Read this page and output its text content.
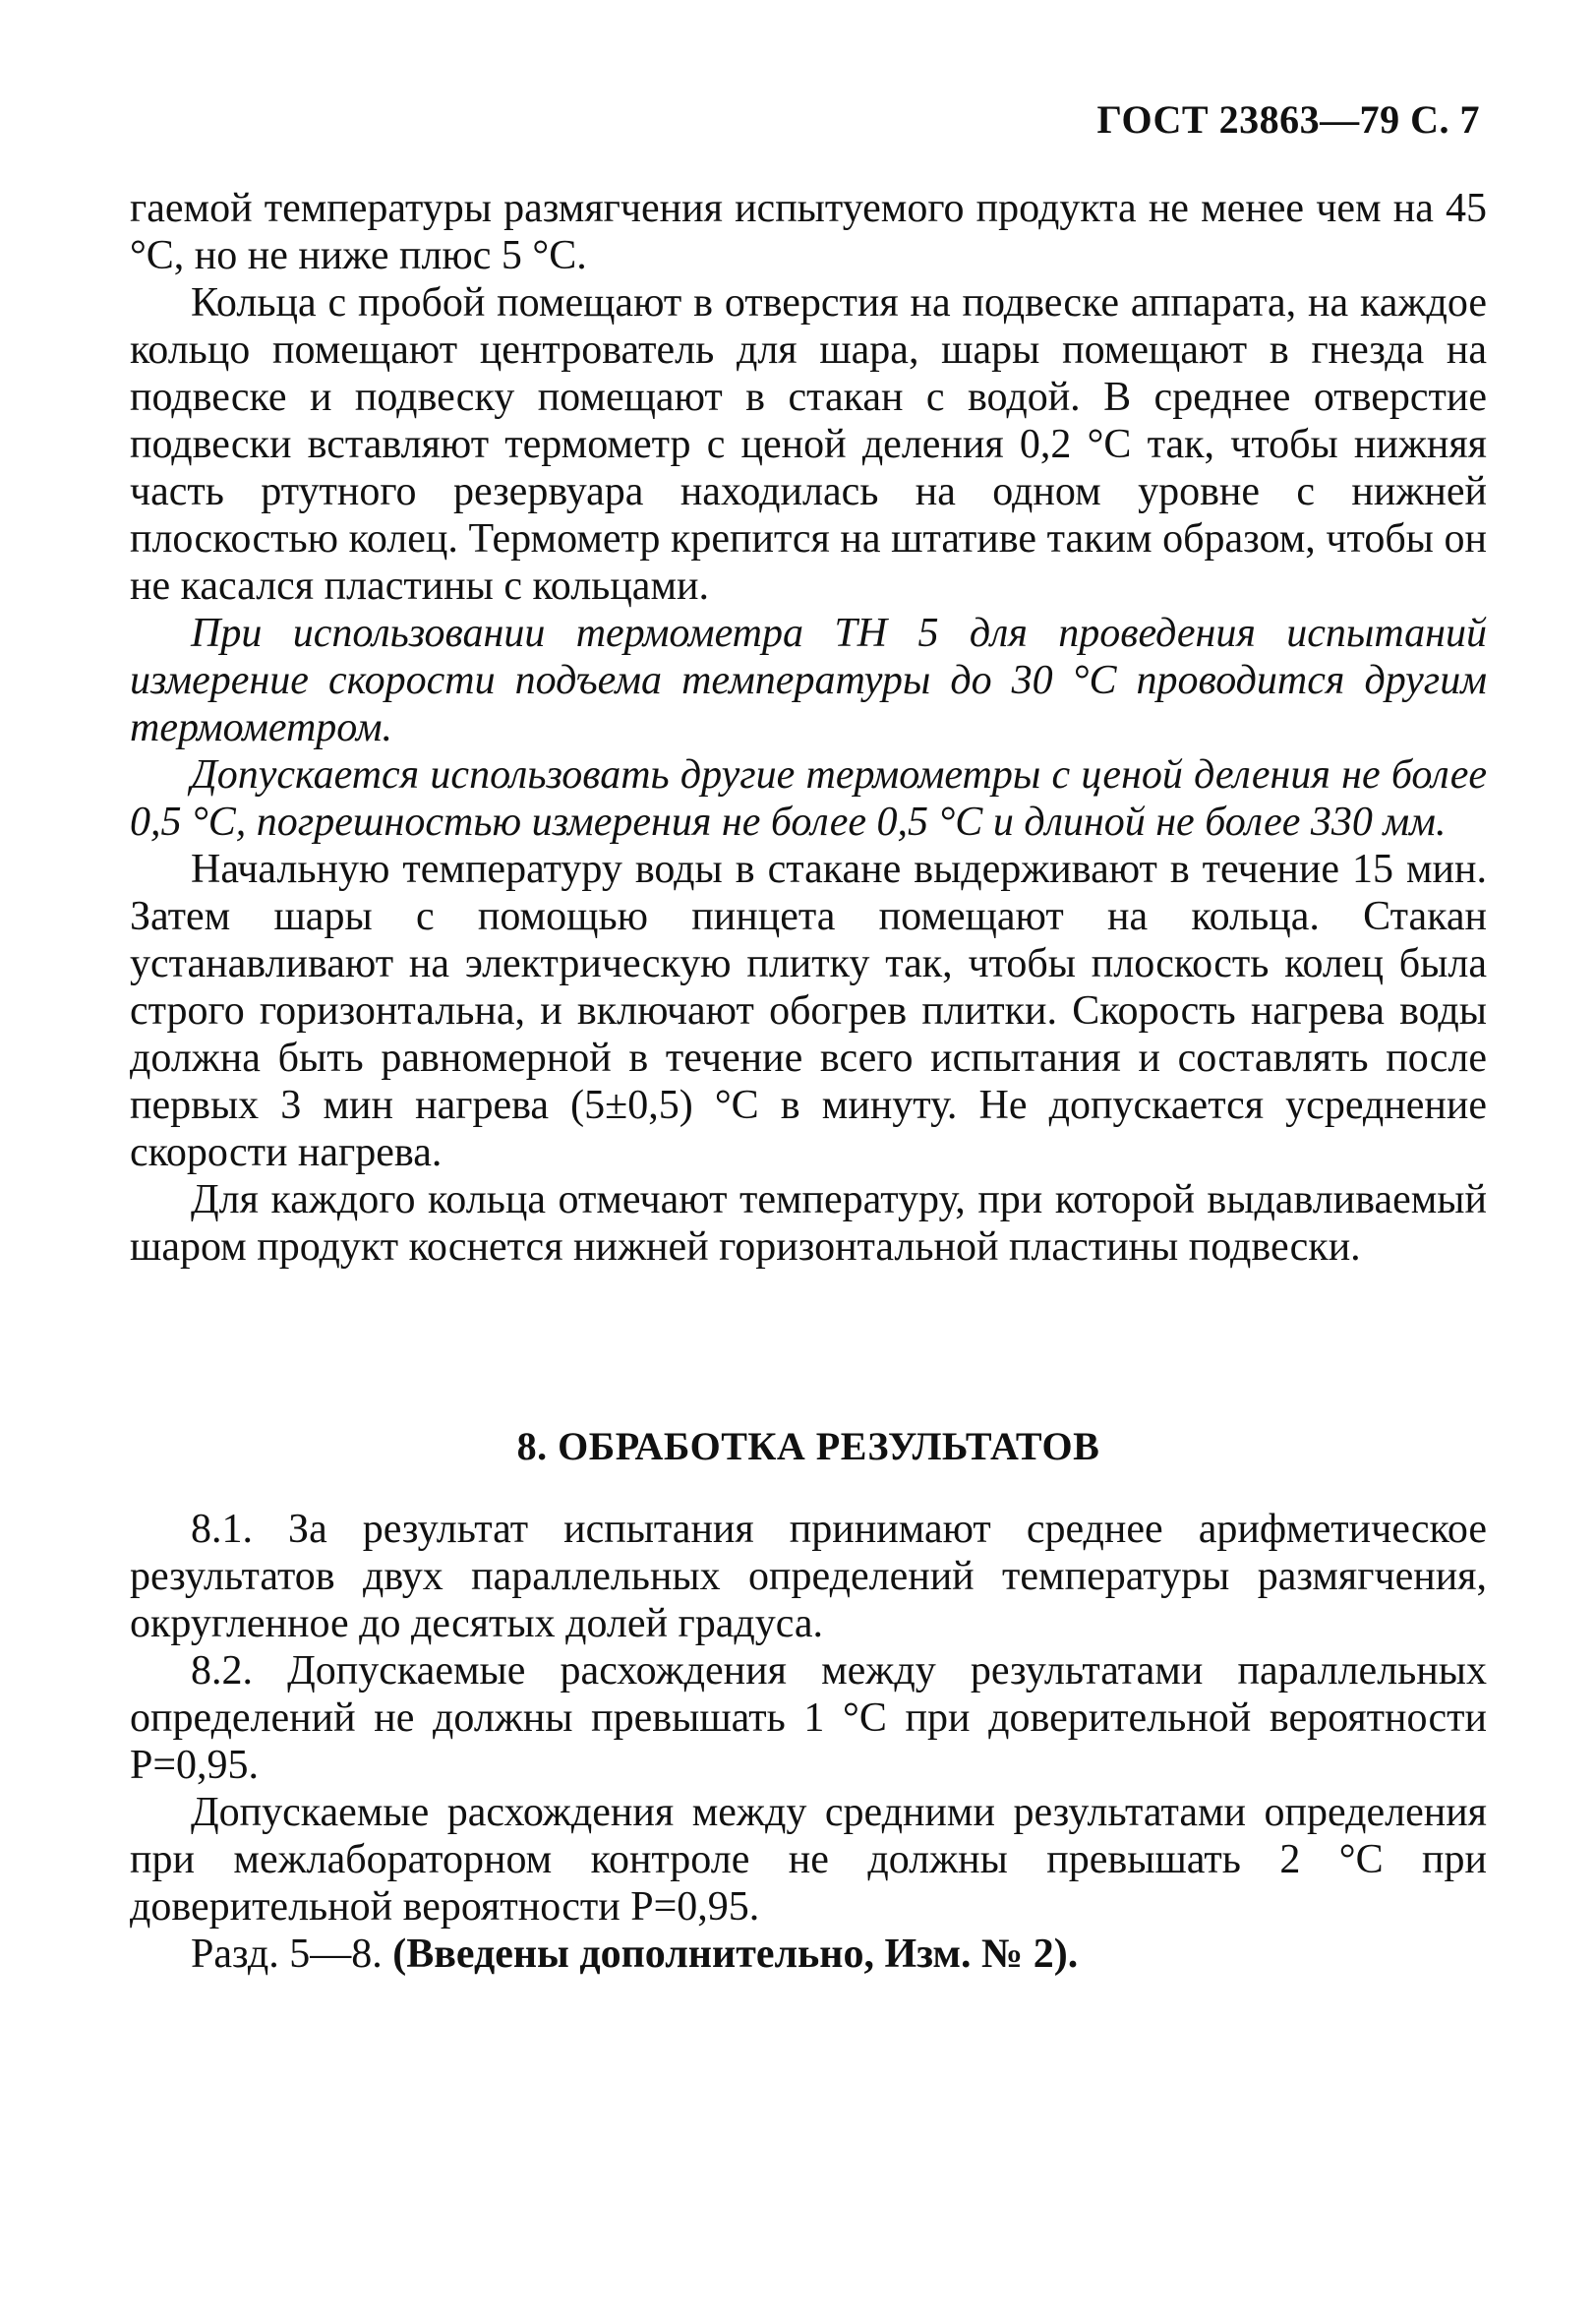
ГОСТ 23863—79 С. 7

гаемой температуры размягчения испытуемого продукта не менее чем на 45 °С, но не ниже плюс 5 °С.

Кольца с пробой помещают в отверстия на подвеске аппарата, на каждое кольцо помещают центрователь для шара, шары помещают в гнезда на подвеске и подвеску помещают в стакан с водой. В среднее отверстие подвески вставляют термометр с ценой деления 0,2 °С так, чтобы нижняя часть ртутного резервуара находилась на одном уровне с нижней плоскостью колец. Термометр крепится на штативе таким образом, чтобы он не касался пластины с кольцами.

При использовании термометра ТН 5 для проведения испытаний измерение скорости подъема температуры до 30 °С проводится другим термометром.

Допускается использовать другие термометры с ценой деления не более 0,5 °С, погрешностью измерения не более 0,5 °С и длиной не более 330 мм.

Начальную температуру воды в стакане выдерживают в течение 15 мин. Затем шары с помощью пинцета помещают на кольца. Стакан устанавливают на электрическую плитку так, чтобы плоскость колец была строго горизонтальна, и включают обогрев плитки. Скорость нагрева воды должна быть равномерной в течение всего испытания и составлять после первых 3 мин нагрева (5±0,5) °С в минуту. Не допускается усреднение скорости нагрева.

Для каждого кольца отмечают температуру, при которой выдавливаемый шаром продукт коснется нижней горизонтальной пластины подвески.

8. ОБРАБОТКА РЕЗУЛЬТАТОВ

8.1. За результат испытания принимают среднее арифметическое результатов двух параллельных определений температуры размягчения, округленное до десятых долей градуса.

8.2. Допускаемые расхождения между результатами параллельных определений не должны превышать 1 °С при доверительной вероятности Р=0,95.

Допускаемые расхождения между средними результатами определения при межлабораторном контроле не должны превышать 2 °С при доверительной вероятности Р=0,95.

Разд. 5—8. (Введены дополнительно, Изм. № 2).
